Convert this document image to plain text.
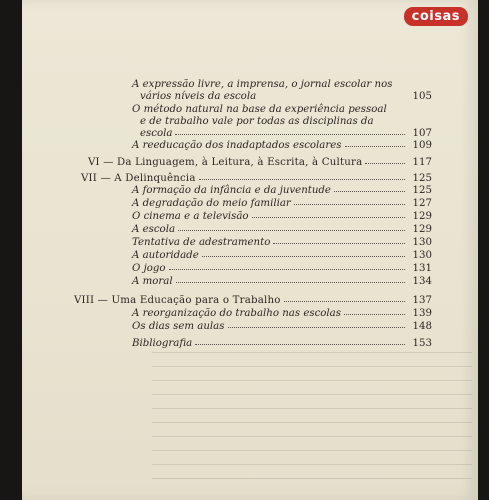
coisas
A expressão livre, a imprensa, o jornal escolar nos
vários níveis da escola	105
O método natural na base da experiência pessoal
e de trabalho vale por todas as disciplinas da
escola	107
A reeducação dos inadaptados escolares	109
VI — Da Linguagem, à Leitura, à Escrita, à Cultura	117
VII — A Delinquência	125
A formação da infância e da juventude	125
A degradação do meio familiar	127
O cinema e a televisão	129
A escola	129
Tentativa de adestramento	130
A autoridade	130
O jogo	131
A moral	134
VIII — Uma Educação para o Trabalho	137
A reorganização do trabalho nas escolas	139
Os dias sem aulas	148
Bibliografia	153
